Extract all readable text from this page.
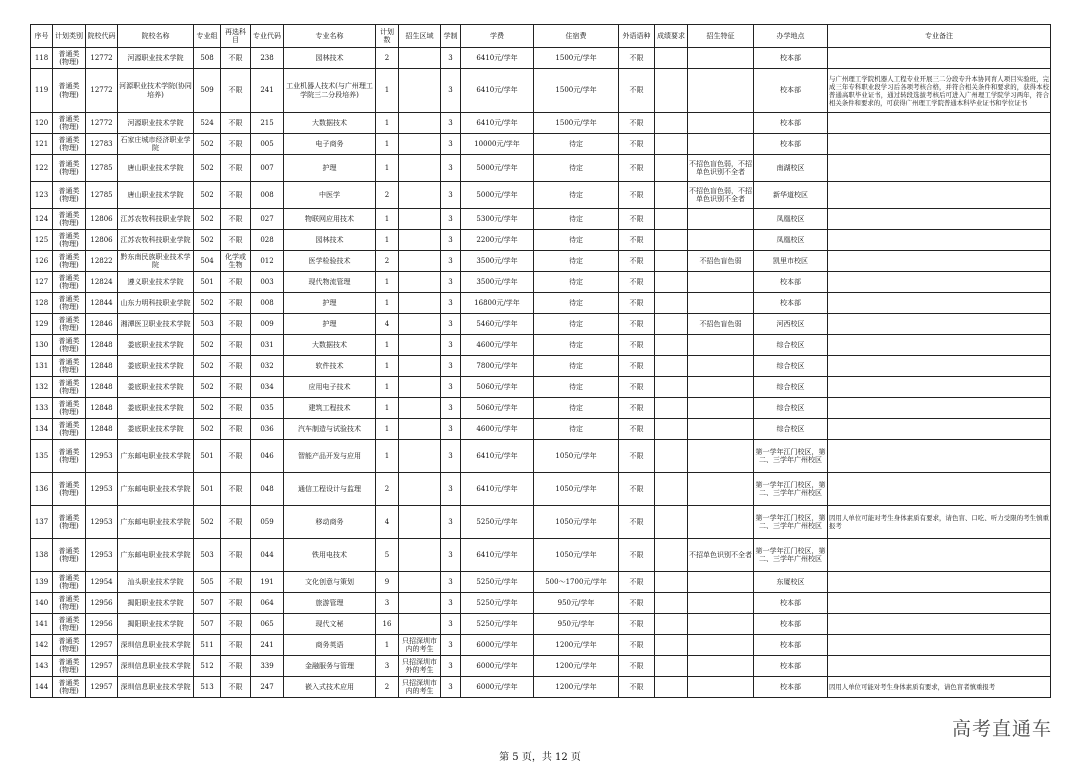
序号	计划类别	院校代码	院校名称	专业组	再选科目	专业代码	专业名称	计划数	招生区域	学制	学费	住宿费	外语语种	成绩要求	招生特征	办学地点	专业备注
118	普通类(物理)	12772	河源职业技术学院	508	不限	238	园林技术	2		3	6410元/学年	1500元/学年	不限			校本部	
119	普通类(物理)	12772	河源职业技术学院(协同培养)	509	不限	241	工业机器人技术(与广州理工学院三二分段培养)	1		3	6410元/学年	1500元/学年	不限			校本部	与广州理工学院机器人工程专业开展三二分段专升本协同育人项目实验班，完成三年专科职业段学习后各项考核合格，并符合相关条件和要求的，获得本校普通高职毕业证书，通过转段选拔考核后可进入广州理工学院学习两年，符合相关条件和要求的，可获得广州理工学院普通本科毕业证书和学位证书
120	普通类(物理)	12772	河源职业技术学院	524	不限	215	大数据技术	1		3	6410元/学年	1500元/学年	不限			校本部	
121	普通类(物理)	12783	石家庄城市经济职业学院	502	不限	005	电子商务	1		3	10000元/学年	待定	不限			校本部	
122	普通类(物理)	12785	唐山职业技术学院	502	不限	007	护理	1		3	5000元/学年	待定	不限		不招色盲色弱，不招单色识别不全者	南湖校区	
123	普通类(物理)	12785	唐山职业技术学院	502	不限	008	中医学	2		3	5000元/学年	待定	不限		不招色盲色弱，不招单色识别不全者	新华道校区	
124	普通类(物理)	12806	江苏农牧科技职业学院	502	不限	027	物联网应用技术	1		3	5300元/学年	待定	不限			凤凰校区	
125	普通类(物理)	12806	江苏农牧科技职业学院	502	不限	028	园林技术	1		3	2200元/学年	待定	不限			凤凰校区	
126	普通类(物理)	12822	黔东南民族职业技术学院	504	化学或生物	012	医学检验技术	2		3	3500元/学年	待定	不限		不招色盲色弱	凯里市校区	
127	普通类(物理)	12824	遵义职业技术学院	501	不限	003	现代物流管理	1		3	3500元/学年	待定	不限			校本部	
128	普通类(物理)	12844	山东力明科技职业学院	502	不限	008	护理	1		3	16800元/学年	待定	不限			校本部	
129	普通类(物理)	12846	湘潭医卫职业技术学院	503	不限	009	护理	4		3	5460元/学年	待定	不限		不招色盲色弱	河西校区	
130	普通类(物理)	12848	娄底职业技术学院	502	不限	031	大数据技术	1		3	4600元/学年	待定	不限			综合校区	
131	普通类(物理)	12848	娄底职业技术学院	502	不限	032	软件技术	1		3	7800元/学年	待定	不限			综合校区	
132	普通类(物理)	12848	娄底职业技术学院	502	不限	034	应用电子技术	1		3	5060元/学年	待定	不限			综合校区	
133	普通类(物理)	12848	娄底职业技术学院	502	不限	035	建筑工程技术	1		3	5060元/学年	待定	不限			综合校区	
134	普通类(物理)	12848	娄底职业技术学院	502	不限	036	汽车制造与试验技术	1		3	4600元/学年	待定	不限			综合校区	
135	普通类(物理)	12953	广东邮电职业技术学院	501	不限	046	智能产品开发与应用	1		3	6410元/学年	1050元/学年	不限			第一学年江门校区，第二、三学年广州校区	
136	普通类(物理)	12953	广东邮电职业技术学院	501	不限	048	通信工程设计与监理	2		3	6410元/学年	1050元/学年	不限			第一学年江门校区，第二、三学年广州校区	
137	普通类(物理)	12953	广东邮电职业技术学院	502	不限	059	移动商务	4		3	5250元/学年	1050元/学年	不限			第一学年江门校区，第二、三学年广州校区	因用人单位可能对考生身体素质有要求，请色盲、口吃、听力受限的考生慎重报考
138	普通类(物理)	12953	广东邮电职业技术学院	503	不限	044	铁用电技术	5		3	6410元/学年	1050元/学年	不限		不招单色识别不全者	第一学年江门校区，第二、三学年广州校区	
139	普通类(物理)	12954	汕头职业技术学院	505	不限	191	文化创意与策划	9		3	5250元/学年	500～1700元/学年	不限			东厦校区	
140	普通类(物理)	12956	揭阳职业技术学院	507	不限	064	旅游管理	3		3	5250元/学年	950元/学年	不限			校本部	
141	普通类(物理)	12956	揭阳职业技术学院	507	不限	065	现代文秘	16		3	5250元/学年	950元/学年	不限			校本部	
142	普通类(物理)	12957	深圳信息职业技术学院	511	不限	241	商务英语	1	只招深圳市内的考生	3	6000元/学年	1200元/学年	不限			校本部	
143	普通类(物理)	12957	深圳信息职业技术学院	512	不限	339	金融服务与管理	3	只招深圳市外的考生	3	6000元/学年	1200元/学年	不限			校本部	
144	普通类(物理)	12957	深圳信息职业技术学院	513	不限	247	嵌入式技术应用	2	只招深圳市内的考生	3	6000元/学年	1200元/学年	不限			校本部	因用人单位可能对考生身体素质有要求，请色盲者慎重报考
第 5 页，共 12 页
高考直通车
